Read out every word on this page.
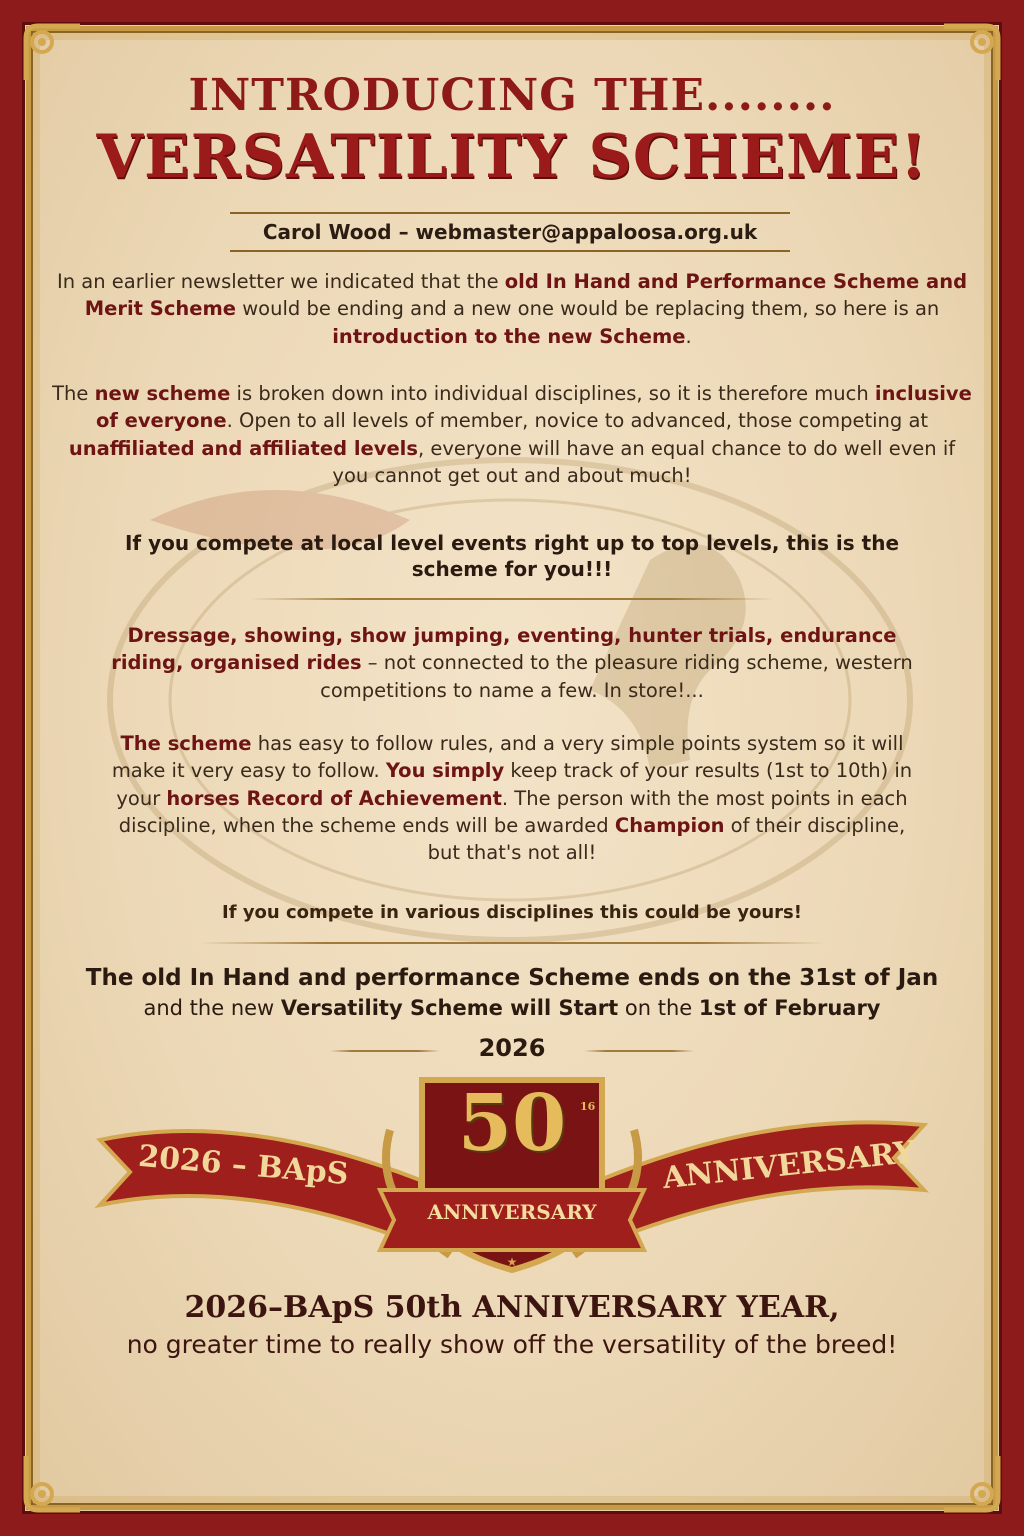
INTRODUCING THE........
VERSATILITY SCHEME!
Carol Wood – webmaster@appaloosa.org.uk

In an earlier newsletter we indicated that the old In Hand and Performance Scheme and Merit Scheme would be ending and a new one would be replacing them, so here is an introduction to the new Scheme.

The new scheme is broken down into individual disciplines, so it is therefore much inclusive of everyone. Open to all levels of member, novice to advanced, those competing at unaffiliated and affiliated levels, everyone will have an equal chance to do well even if you cannot get out and about much!

If you compete at local level events right up to top levels, this is the scheme for you!!!

Dressage, showing, show jumping, eventing, hunter trials, endurance riding, organised rides – not connected to the pleasure riding scheme, western competitions to name a few. In store!...

The scheme has easy to follow rules, and a very simple points system so it will make it very easy to follow. You simply keep track of your results (1st to 10th) in your horses Record of Achievement. The person with the most points in each discipline, when the scheme ends will be awarded Champion of their discipline, but that's not all!

If you compete in various disciplines this could be yours!

The old In Hand and performance Scheme ends on the 31st of Jan
and the new Versatility Scheme will Start on the 1st of February

2026
★
2026 – BApS	ANNIVERSARY
50	16
ANNIVERSARY
2026–BApS 50th ANNIVERSARY YEAR,
no greater time to really show off the versatility of the breed!
